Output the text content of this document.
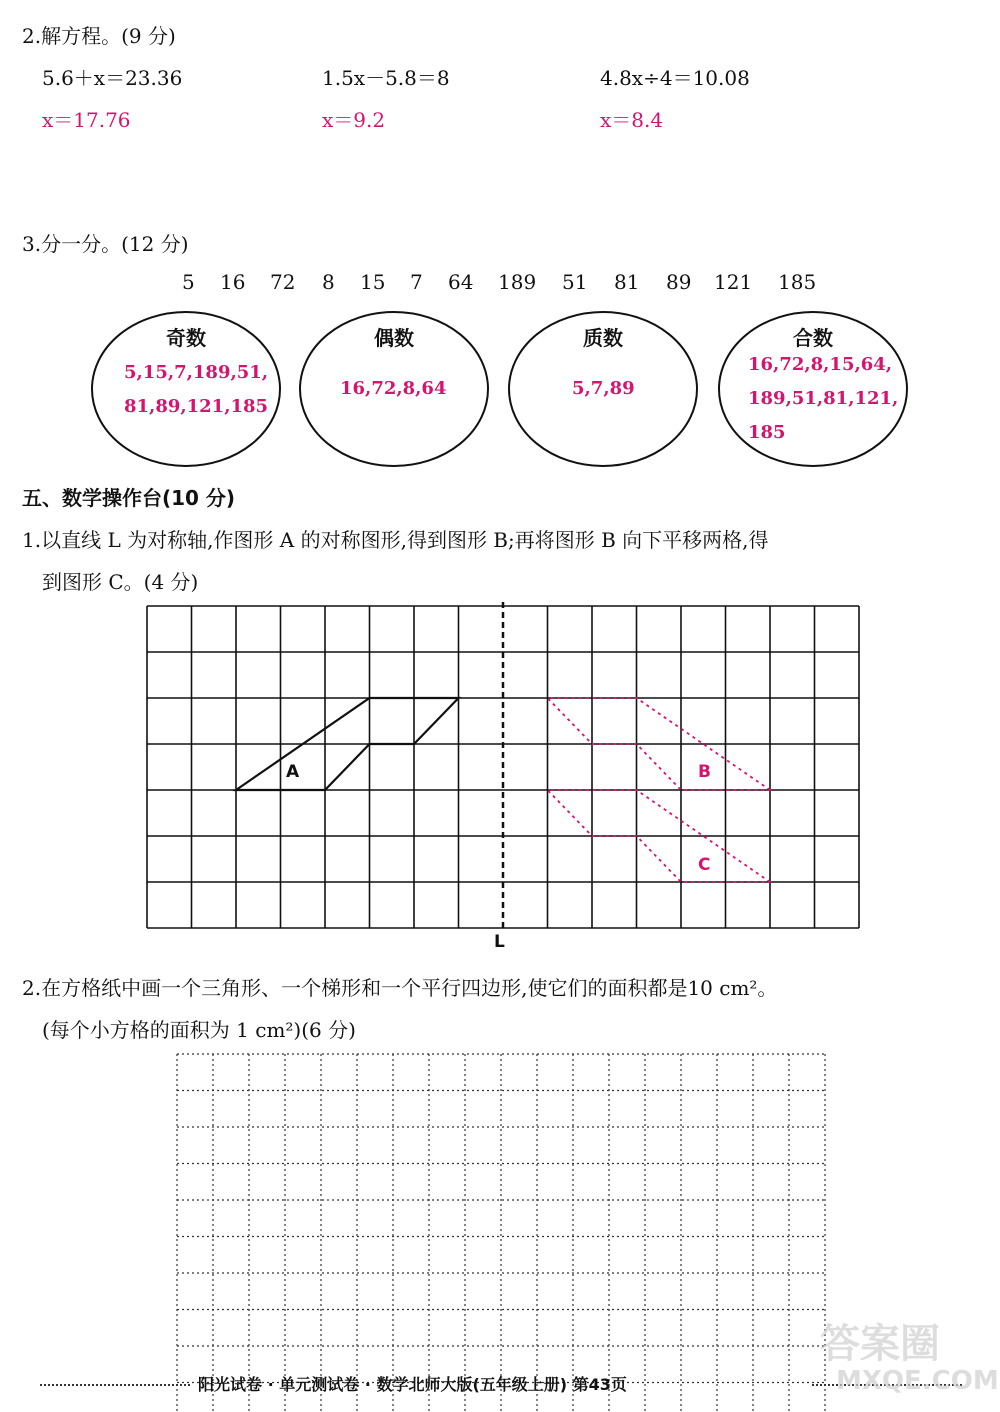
2.解方程。(9 分)
5.6＋x＝23.36	1.5x－5.8＝8	4.8x÷4＝10.08
x＝17.76	x＝9.2	x＝8.4
3.分一分。(12 分)
5 16 72 8 15 7 64 189 51 81 89 121 185
奇数
5,15,7,189,51,
81,89,121,185
偶数
16,72,8,64
质数
5,7,89
合数
16,72,8,15,64,
189,51,81,121,
185
五、数学操作台(10 分)
1.以直线 L 为对称轴,作图形 A 的对称图形,得到图形 B;再将图形 B 向下平移两格,得
到图形 C。(4 分)
A	B
C
L
2.在方格纸中画一个三角形、一个梯形和一个平行四边形,使它们的面积都是10 cm²。
(每个小方格的面积为 1 cm²)(6 分)
阳光试卷 · 单元测试卷 · 数学北师大版(五年级上册) 第43页
答案圈
MXQE.COM
